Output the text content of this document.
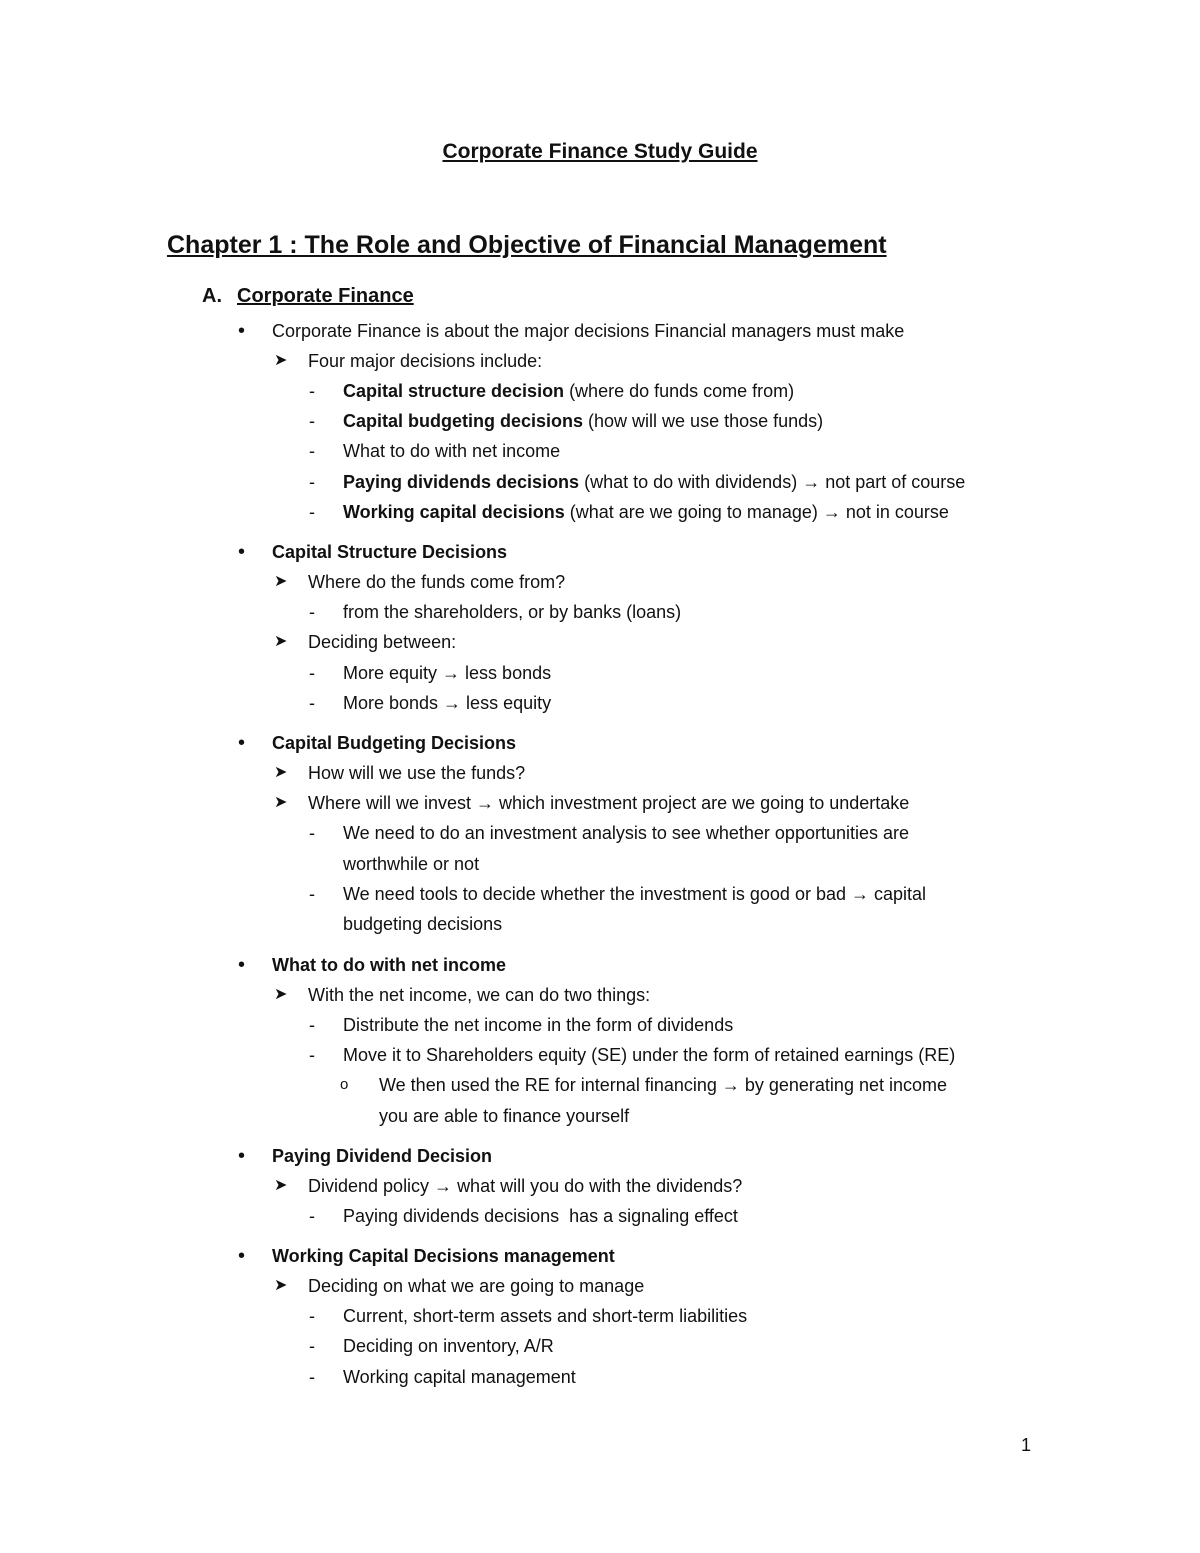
Corporate Finance Study Guide
Chapter 1 : The Role and Objective of Financial Management
A. Corporate Finance
• Corporate Finance is about the major decisions Financial managers must make
➤ Four major decisions include:
- Capital structure decision (where do funds come from)
- Capital budgeting decisions (how will we use those funds)
- What to do with net income
- Paying dividends decisions (what to do with dividends) → not part of course
- Working capital decisions (what are we going to manage) → not in course
• Capital Structure Decisions
➤ Where do the funds come from?
- from the shareholders, or by banks (loans)
➤ Deciding between:
- More equity → less bonds
- More bonds → less equity
• Capital Budgeting Decisions
➤ How will we use the funds?
➤ Where will we invest → which investment project are we going to undertake
- We need to do an investment analysis to see whether opportunities are
worthwhile or not
- We need tools to decide whether the investment is good or bad → capital
budgeting decisions
• What to do with net income
➤ With the net income, we can do two things:
- Distribute the net income in the form of dividends
- Move it to Shareholders equity (SE) under the form of retained earnings (RE)
o We then used the RE for internal financing → by generating net income
you are able to finance yourself
• Paying Dividend Decision
➤ Dividend policy → what will you do with the dividends?
- Paying dividends decisions  has a signaling effect
• Working Capital Decisions management
➤ Deciding on what we are going to manage
- Current, short-term assets and short-term liabilities
- Deciding on inventory, A/R
- Working capital management
1
